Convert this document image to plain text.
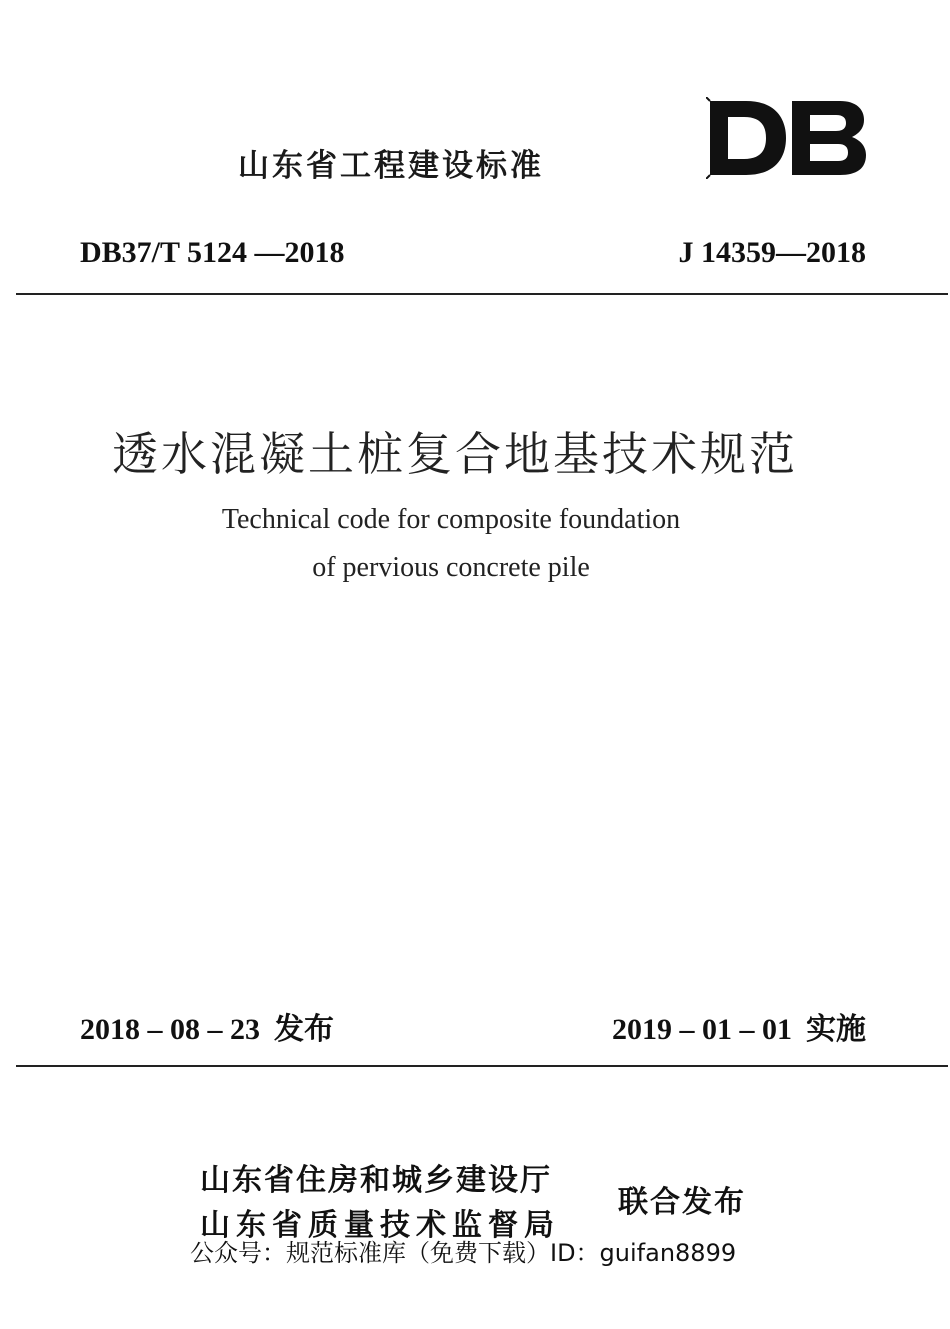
山东省工程建设标准
DB37/T 5124 —2018	J 14359—2018
透水混凝土桩复合地基技术规范
Technical code for composite foundation
of pervious concrete pile
2018 – 08 – 23 发布	2019 – 01 – 01 实施
山东省住房和城乡建设厅
山东省质量技术监督局
联合发布
公众号：规范标准库（免费下载）ID：guifan8899
